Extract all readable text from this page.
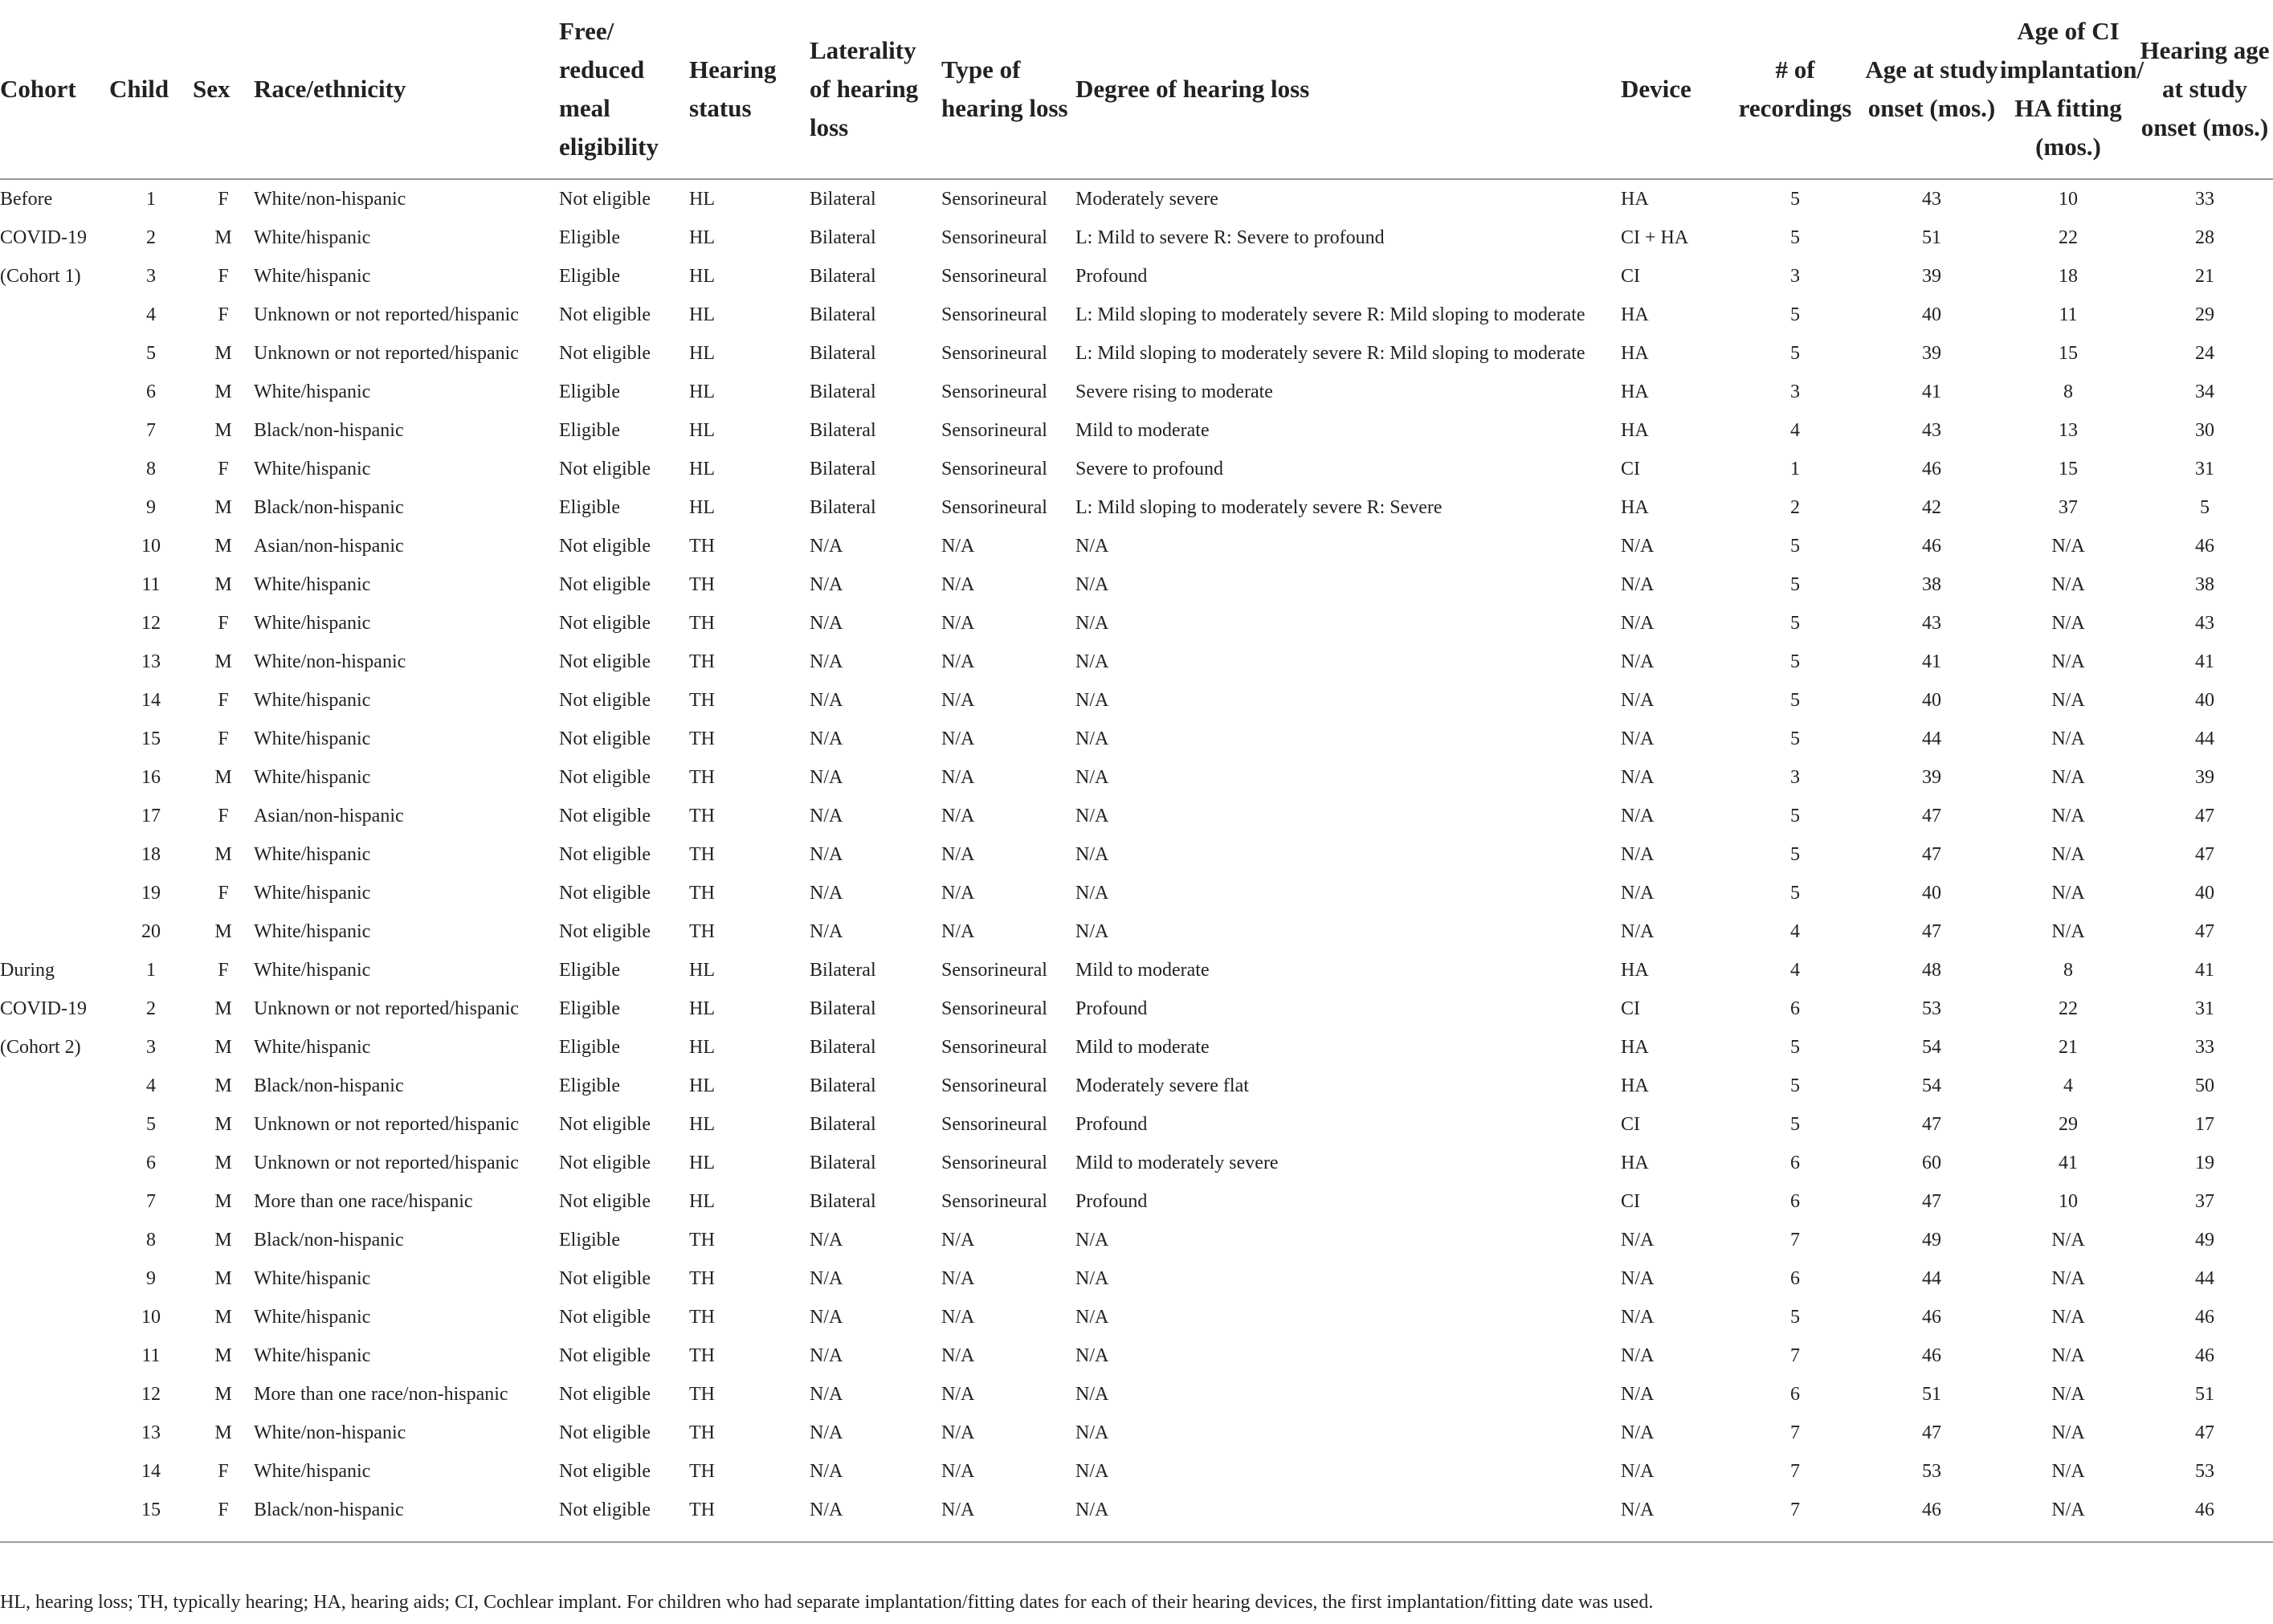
Cohort	Child	Sex	Race/ethnicity	Free/ reduced meal eligibility	Hearing status	Laterality of hearing loss	Type of hearing loss	Degree of hearing loss	Device	# of recordings	Age at study onset (mos.)	Age of CI implantation/ HA fitting (mos.)	Hearing age at study onset (mos.)
Before	1	F	White/non-hispanic	Not eligible	HL	Bilateral	Sensorineural	Moderately severe	HA	5	43	10	33
COVID-19	2	M	White/hispanic	Eligible	HL	Bilateral	Sensorineural	L: Mild to severe R: Severe to profound	CI + HA	5	51	22	28
(Cohort 1)	3	F	White/hispanic	Eligible	HL	Bilateral	Sensorineural	Profound	CI	3	39	18	21
	4	F	Unknown or not reported/hispanic	Not eligible	HL	Bilateral	Sensorineural	L: Mild sloping to moderately severe R: Mild sloping to moderate	HA	5	40	11	29
	5	M	Unknown or not reported/hispanic	Not eligible	HL	Bilateral	Sensorineural	L: Mild sloping to moderately severe R: Mild sloping to moderate	HA	5	39	15	24
	6	M	White/hispanic	Eligible	HL	Bilateral	Sensorineural	Severe rising to moderate	HA	3	41	8	34
	7	M	Black/non-hispanic	Eligible	HL	Bilateral	Sensorineural	Mild to moderate	HA	4	43	13	30
	8	F	White/hispanic	Not eligible	HL	Bilateral	Sensorineural	Severe to profound	CI	1	46	15	31
	9	M	Black/non-hispanic	Eligible	HL	Bilateral	Sensorineural	L: Mild sloping to moderately severe R: Severe	HA	2	42	37	5
	10	M	Asian/non-hispanic	Not eligible	TH	N/A	N/A	N/A	N/A	5	46	N/A	46
	11	M	White/hispanic	Not eligible	TH	N/A	N/A	N/A	N/A	5	38	N/A	38
	12	F	White/hispanic	Not eligible	TH	N/A	N/A	N/A	N/A	5	43	N/A	43
	13	M	White/non-hispanic	Not eligible	TH	N/A	N/A	N/A	N/A	5	41	N/A	41
	14	F	White/hispanic	Not eligible	TH	N/A	N/A	N/A	N/A	5	40	N/A	40
	15	F	White/hispanic	Not eligible	TH	N/A	N/A	N/A	N/A	5	44	N/A	44
	16	M	White/hispanic	Not eligible	TH	N/A	N/A	N/A	N/A	3	39	N/A	39
	17	F	Asian/non-hispanic	Not eligible	TH	N/A	N/A	N/A	N/A	5	47	N/A	47
	18	M	White/hispanic	Not eligible	TH	N/A	N/A	N/A	N/A	5	47	N/A	47
	19	F	White/hispanic	Not eligible	TH	N/A	N/A	N/A	N/A	5	40	N/A	40
	20	M	White/hispanic	Not eligible	TH	N/A	N/A	N/A	N/A	4	47	N/A	47
During	1	F	White/hispanic	Eligible	HL	Bilateral	Sensorineural	Mild to moderate	HA	4	48	8	41
COVID-19	2	M	Unknown or not reported/hispanic	Eligible	HL	Bilateral	Sensorineural	Profound	CI	6	53	22	31
(Cohort 2)	3	M	White/hispanic	Eligible	HL	Bilateral	Sensorineural	Mild to moderate	HA	5	54	21	33
	4	M	Black/non-hispanic	Eligible	HL	Bilateral	Sensorineural	Moderately severe flat	HA	5	54	4	50
	5	M	Unknown or not reported/hispanic	Not eligible	HL	Bilateral	Sensorineural	Profound	CI	5	47	29	17
	6	M	Unknown or not reported/hispanic	Not eligible	HL	Bilateral	Sensorineural	Mild to moderately severe	HA	6	60	41	19
	7	M	More than one race/hispanic	Not eligible	HL	Bilateral	Sensorineural	Profound	CI	6	47	10	37
	8	M	Black/non-hispanic	Eligible	TH	N/A	N/A	N/A	N/A	7	49	N/A	49
	9	M	White/hispanic	Not eligible	TH	N/A	N/A	N/A	N/A	6	44	N/A	44
	10	M	White/hispanic	Not eligible	TH	N/A	N/A	N/A	N/A	5	46	N/A	46
	11	M	White/hispanic	Not eligible	TH	N/A	N/A	N/A	N/A	7	46	N/A	46
	12	M	More than one race/non-hispanic	Not eligible	TH	N/A	N/A	N/A	N/A	6	51	N/A	51
	13	M	White/non-hispanic	Not eligible	TH	N/A	N/A	N/A	N/A	7	47	N/A	47
	14	F	White/hispanic	Not eligible	TH	N/A	N/A	N/A	N/A	7	53	N/A	53
	15	F	Black/non-hispanic	Not eligible	TH	N/A	N/A	N/A	N/A	7	46	N/A	46
HL, hearing loss; TH, typically hearing; HA, hearing aids; CI, Cochlear implant. For children who had separate implantation/fitting dates for each of their hearing devices, the first implantation/fitting date was used.
